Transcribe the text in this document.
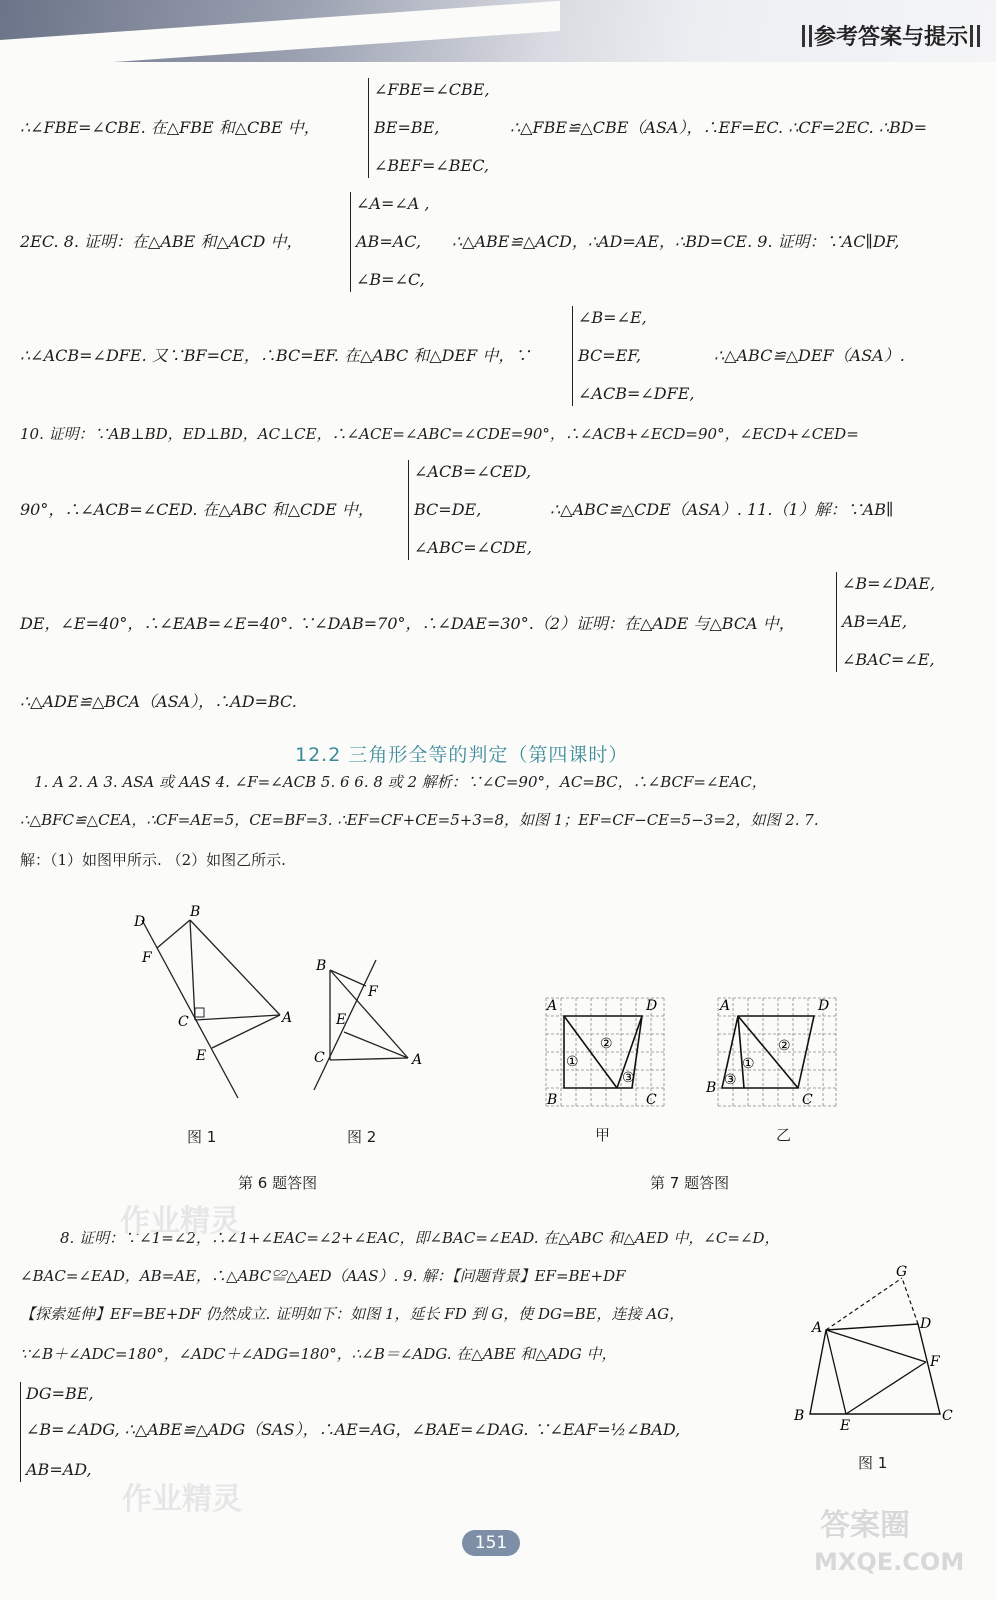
参考答案与提示
∴∠FBE=∠CBE. 在△FBE 和△CBE 中，
∠FBE=∠CBE,
BE=BE,
∠BEF=∠BEC,
∴△FBE≌△CBE（ASA），∴EF=EC. ∴CF=2EC. ∴BD=
2EC. 8. 证明：在△ABE 和△ACD 中，
∠A=∠A ,
AB=AC,
∠B=∠C,
∴△ABE≌△ACD，∴AD=AE，∴BD=CE. 9. 证明：∵AC∥DF,
∴∠ACB=∠DFE. 又∵BF=CE，∴BC=EF. 在△ABC 和△DEF 中，∵
∠B=∠E,
BC=EF,
∠ACB=∠DFE,
∴△ABC≌△DEF（ASA）.
10. 证明：∵AB⊥BD，ED⊥BD，AC⊥CE，∴∠ACE=∠ABC=∠CDE=90°，∴∠ACB+∠ECD=90°，∠ECD+∠CED=
90°，∴∠ACB=∠CED. 在△ABC 和△CDE 中，
∠ACB=∠CED,
BC=DE,
∠ABC=∠CDE,
∴△ABC≌△CDE（ASA）. 11.（1）解：∵AB∥
DE，∠E=40°，∴∠EAB=∠E=40°. ∵∠DAB=70°，∴∠DAE=30°.（2）证明：在△ADE 与△BCA 中，
∠B=∠DAE,
AB=AE,
∠BAC=∠E,
∴△ADE≌△BCA（ASA），∴AD=BC.
12.2 三角形全等的判定（第四课时）
1. A 2. A 3. ASA 或 AAS 4. ∠F=∠ACB 5. 6 6. 8 或 2 解析：∵∠C=90°，AC=BC，∴∠BCF=∠EAC，
∴△BFC≌△CEA，∴CF=AE=5，CE=BF=3. ∴EF=CF+CE=5+3=8，如图 1；EF=CF−CE=5−3=2，如图 2. 7.
解：（1）如图甲所示. （2）如图乙所示.
D
B
F
C	A
E
图 1
B
F
E
C	A
图 2
第 6 题答图
A	D
B	C
①
②
③
甲
A	D
B
C
①
②
③
乙
第 7 题答图
8. 证明：∵∠1=∠2，∴∠1+∠EAC=∠2+∠EAC，即∠BAC=∠EAD. 在△ABC 和△AED 中，∠C=∠D，
∠BAC=∠EAD，AB=AE，∴△ABC≌△AED（AAS）. 9. 解：【问题背景】EF=BE+DF
【探索延伸】EF=BE+DF 仍然成立. 证明如下：如图 1，延长 FD 到 G，使 DG=BE，连接 AG，
∵∠B＋∠ADC=180°，∠ADC＋∠ADG=180°，∴∠B＝∠ADG. 在△ABE 和△ADG 中，
DG=BE,
∠B=∠ADG, ∴△ABE≌△ADG（SAS），∴AE=AG，∠BAE=∠DAG. ∵∠EAF=½∠BAD,
AB=AD,
G
A	D
F
B
E
C
图 1
作业精灵
作业精灵
答案圈
MXQE.COM
151
